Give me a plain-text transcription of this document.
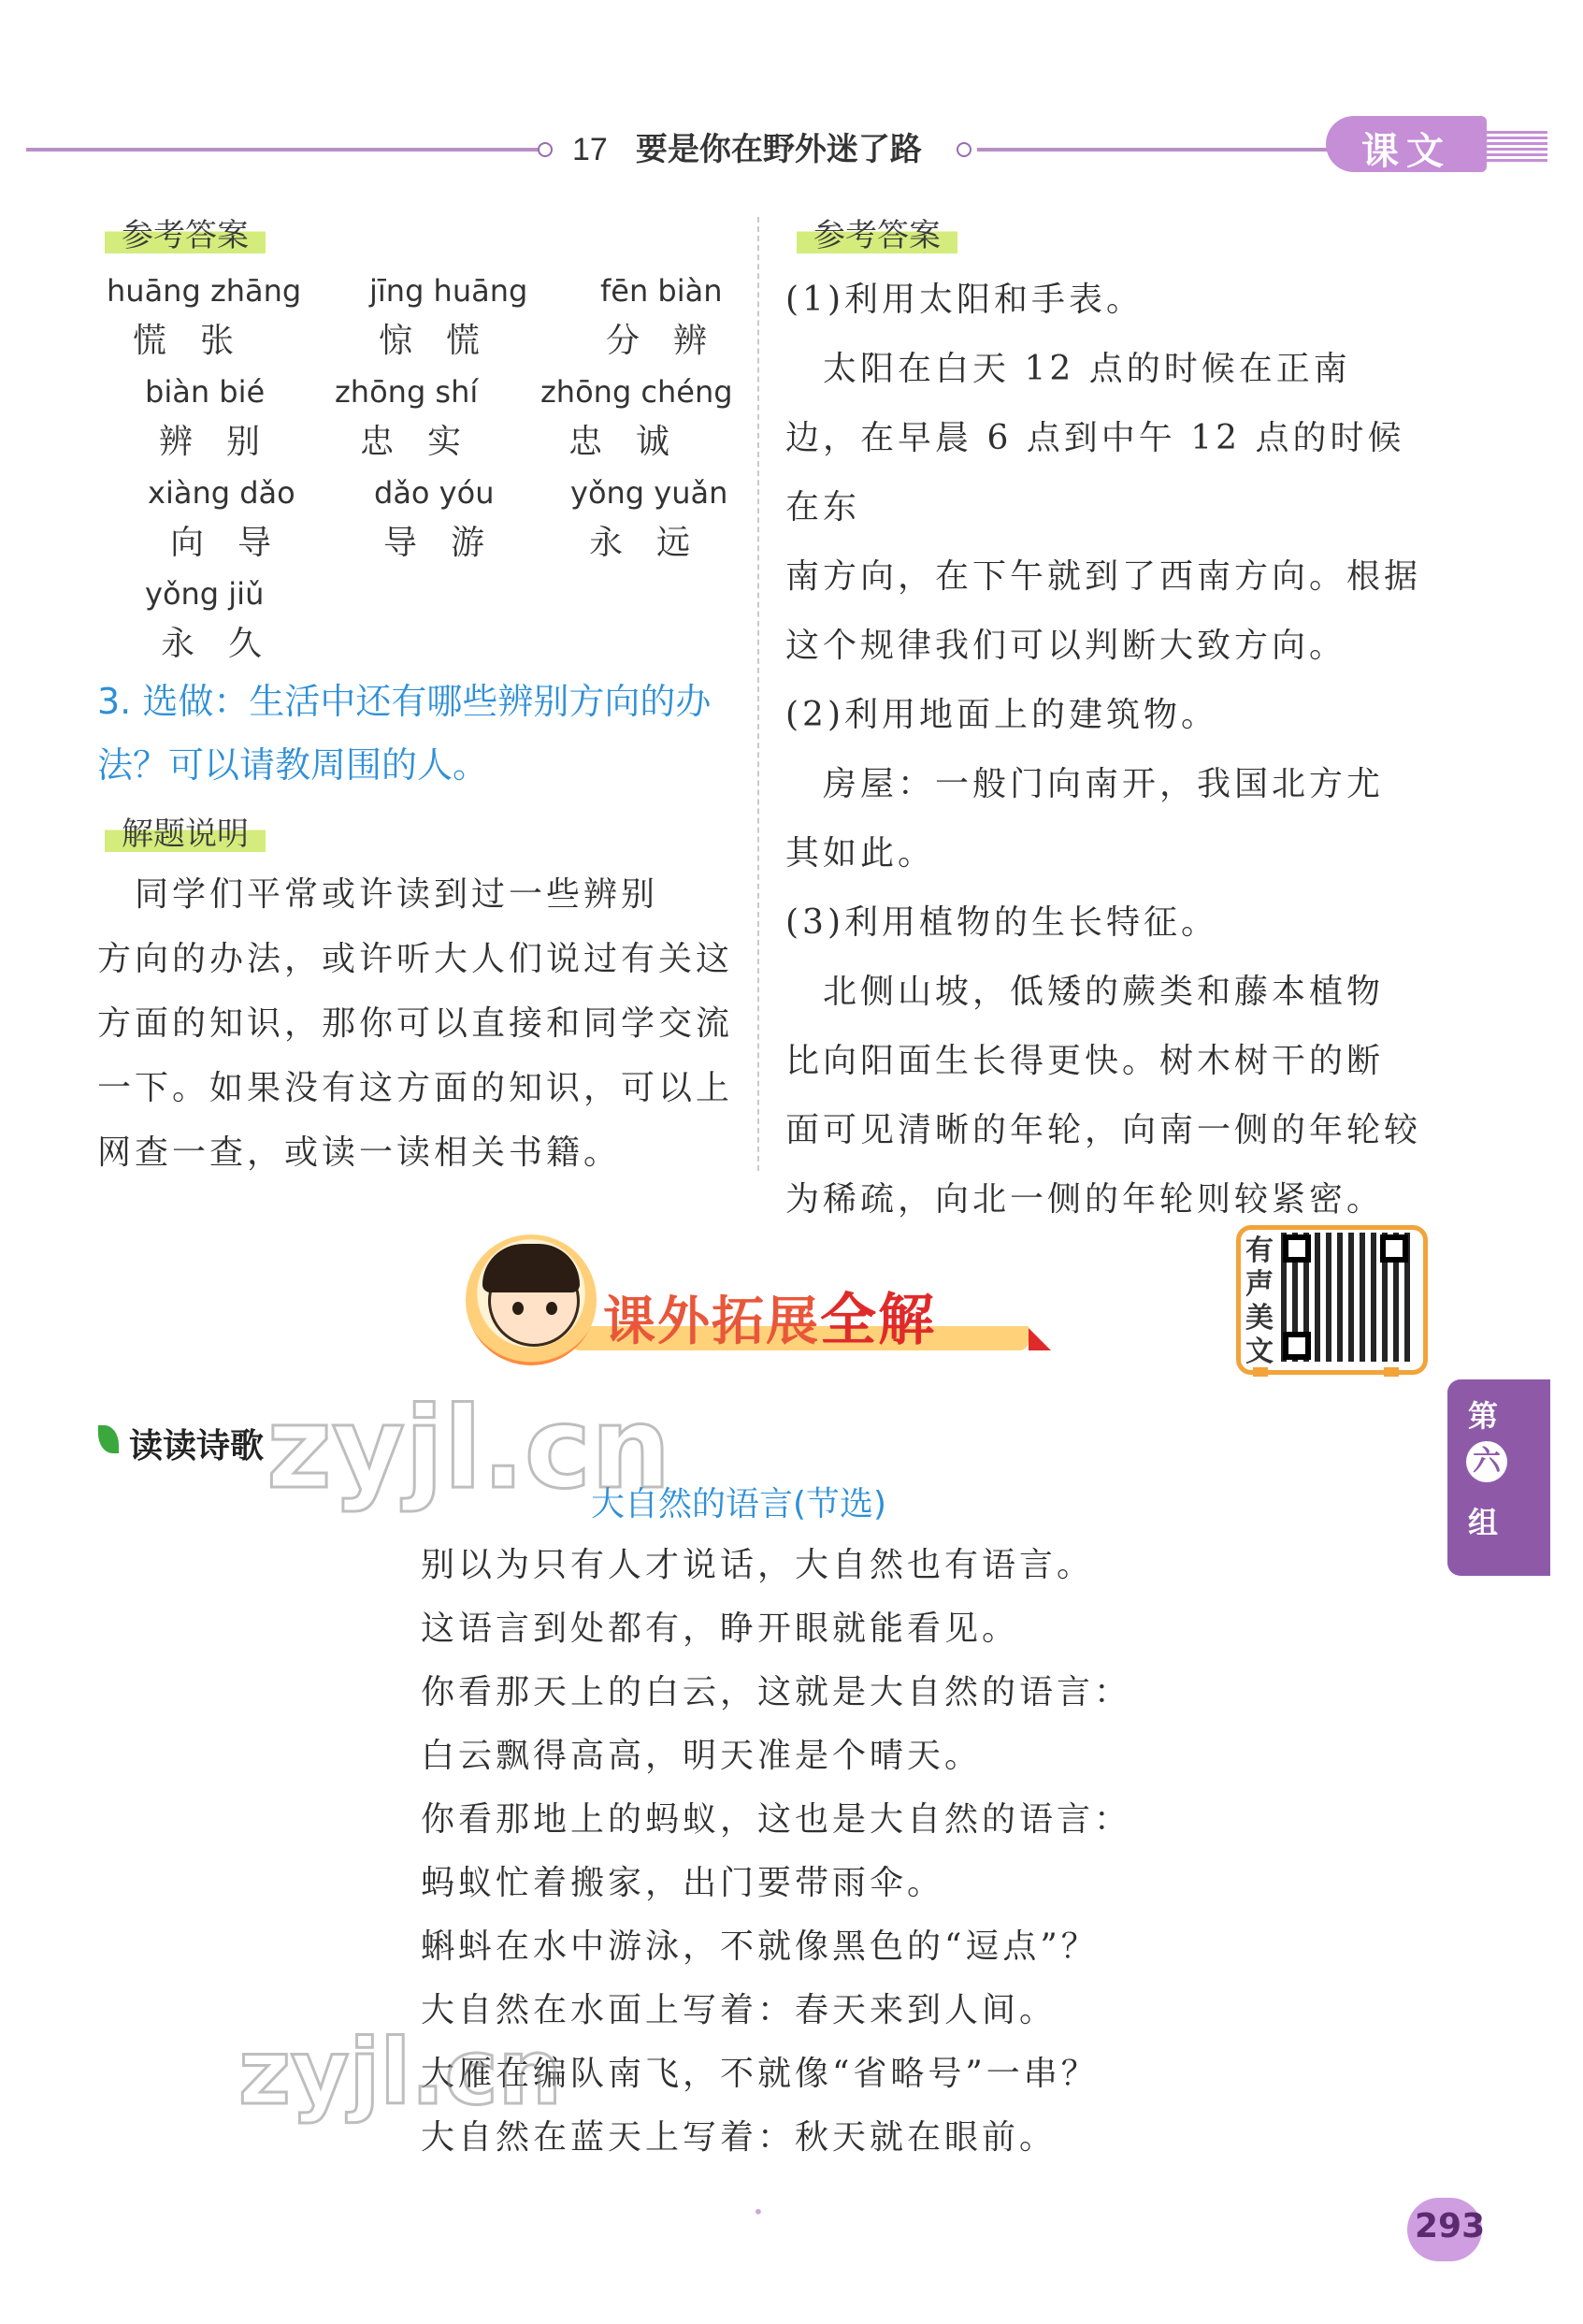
17 要是你在野外迷了路	课文
参考答案
huāng zhāng
慌　张
jīng huāng
惊　慌
fēn biàn
分　辨
biàn bié
辨　别
zhōng shí
忠　实
zhōng chéng
忠　诚
xiàng dǎo
向　导
dǎo yóu
导　游
yǒng yuǎn
永　远
yǒng jiǔ
永　久
3. 选做：生活中还有哪些辨别方向的办
法？可以请教周围的人。
解题说明
　同学们平常或许读到过一些辨别
方向的办法，或许听大人们说过有关这
方面的知识，那你可以直接和同学交流
一下。如果没有这方面的知识，可以上
网查一查，或读一读相关书籍。
参考答案
(1)利用太阳和手表。
　太阳在白天 12 点的时候在正南
边，在早晨 6 点到中午 12 点的时候在东
南方向，在下午就到了西南方向。根据
这个规律我们可以判断大致方向。
(2)利用地面上的建筑物。
　房屋：一般门向南开，我国北方尤
其如此。
(3)利用植物的生长特征。
　北侧山坡，低矮的蕨类和藤本植物
比向阳面生长得更快。树木树干的断
面可见清晰的年轮，向南一侧的年轮较
为稀疏，向北一侧的年轮则较紧密。
课外拓展全解
有声美文
第
六
组
读读诗歌
大自然的语言(节选)
别以为只有人才说话，大自然也有语言。
这语言到处都有，睁开眼就能看见。
你看那天上的白云，这就是大自然的语言：
白云飘得高高，明天准是个晴天。
你看那地上的蚂蚁，这也是大自然的语言：
蚂蚁忙着搬家，出门要带雨伞。
蝌蚪在水中游泳，不就像黑色的“逗点”？
大自然在水面上写着：春天来到人间。
大雁在编队南飞，不就像“省略号”一串？
大自然在蓝天上写着：秋天就在眼前。
zyjl.cn
zyjl.cn
•	293
